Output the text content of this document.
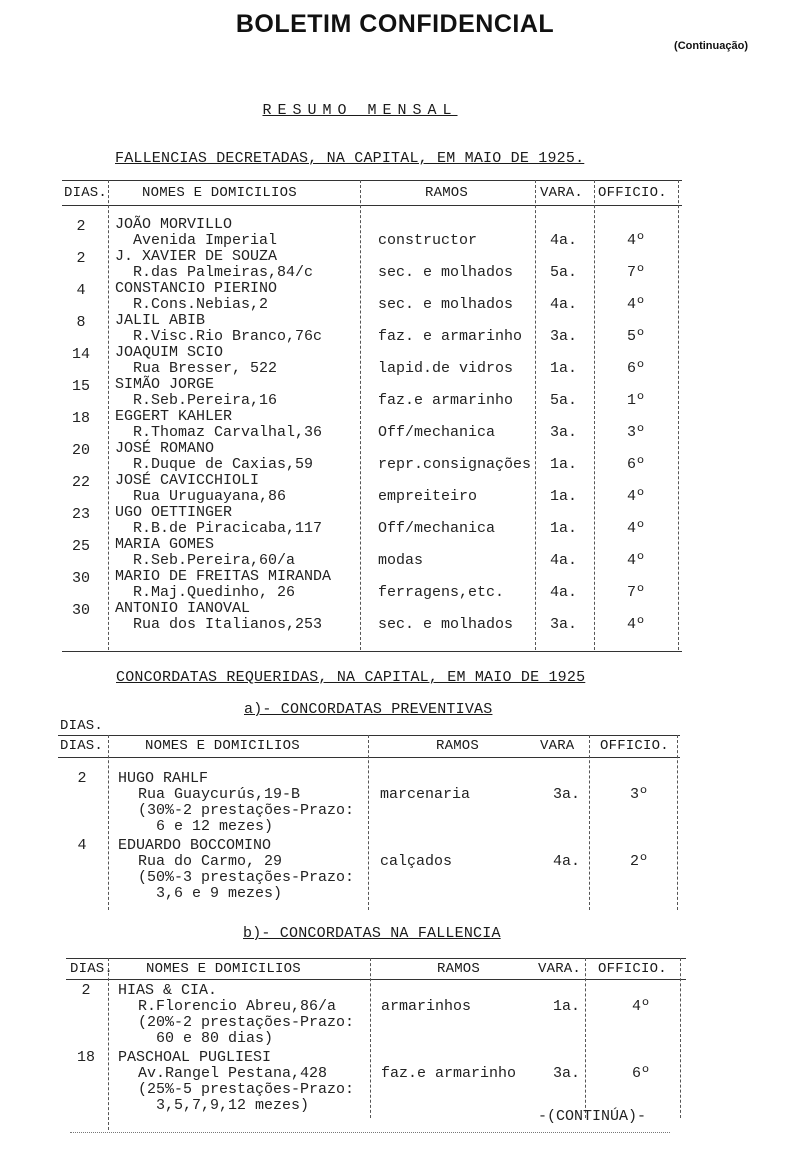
BOLETIM CONFIDENCIAL
(Continuação)
RESUMO MENSAL
FALLENCIAS DECRETADAS, NA CAPITAL, EM MAIO DE 1925.
DIAS. NOMES E DOMICILIOS	RAMOS	VARA. OFFICIO.
2	JOÃO MORVILLO
Avenida Imperial	constructor	4a.	4º
2	J. XAVIER DE SOUZA
R.das Palmeiras,84/c	sec. e molhados 5a.	7º
4	CONSTANCIO PIERINO
R.Cons.Nebias,2	sec. e molhados 4a.	4º
8	JALIL ABIB
R.Visc.Rio Branco,76c	faz. e armarinho 3a.	5º
14	JOAQUIM SCIO
Rua Bresser, 522	lapid.de vidros 1a.	6º
15	SIMÃO JORGE
R.Seb.Pereira,16	faz.e armarinho 5a.	1º
18	EGGERT KAHLER
R.Thomaz Carvalhal,36	Off/mechanica	3a.	3º
20	JOSÉ ROMANO
R.Duque de Caxias,59	repr.consignações 1a.	6º
22	JOSÉ CAVICCHIOLI
Rua Uruguayana,86	empreiteiro	1a.	4º
23	UGO OETTINGER
R.B.de Piracicaba,117	Off/mechanica	1a.	4º
25	MARIA GOMES
R.Seb.Pereira,60/a	modas	4a.	4º
30	MARIO DE FREITAS MIRANDA
R.Maj.Quedinho, 26	ferragens,etc.	4a.	7º
30	ANTONIO IANOVAL
Rua dos Italianos,253	sec. e molhados 3a.	4º
CONCORDATAS REQUERIDAS, NA CAPITAL, EM MAIO DE 1925
a)- CONCORDATAS PREVENTIVAS
DIAS.
DIAS.	NOMES E DOMICILIOS	RAMOS	VARA OFFICIO.
2	HUGO RAHLF
Rua Guaycurús,19-B
(30%-2 prestações-Prazo:
6 e 12 mezes)
marcenaria	3a.	3º
4	EDUARDO BOCCOMINO
Rua do Carmo, 29
(50%-3 prestações-Prazo:
3,6 e 9 mezes)
calçados	4a.	2º
b)- CONCORDATAS NA FALLENCIA
DIAS. NOMES E DOMICILIOS	RAMOS	VARA. OFFICIO.
2	HIAS & CIA.
R.Florencio Abreu,86/a
(20%-2 prestações-Prazo:
60 e 80 dias)
armarinhos	1a.	4º
18	PASCHOAL PUGLIESI
Av.Rangel Pestana,428
(25%-5 prestações-Prazo:
3,5,7,9,12 mezes)
faz.e armarinho 3a.	6º
-(CONTINÚA)-
